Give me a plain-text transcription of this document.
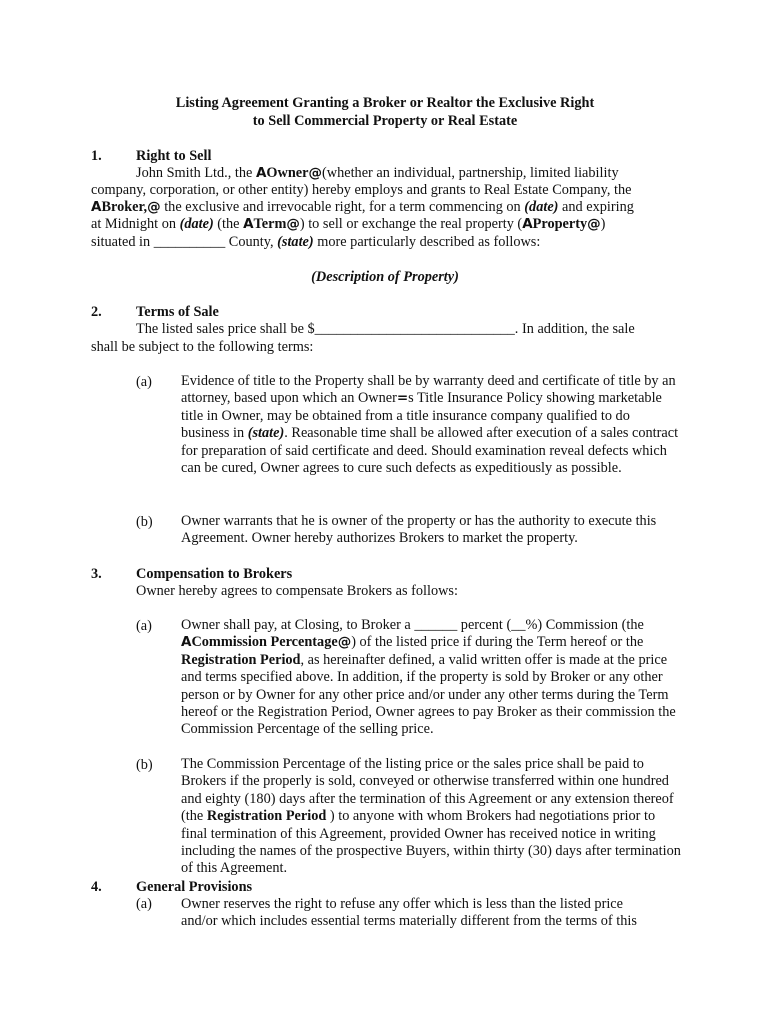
Listing Agreement Granting a Broker or Realtor the Exclusive Right
to Sell Commercial Property or Real Estate
1. Right to Sell
John Smith Ltd., the AOwner@(whether an individual, partnership, limited liability
company, corporation, or other entity) hereby employs and grants to Real Estate Company, the
ABroker,@ the exclusive and irrevocable right, for a term commencing on (date) and expiring
at Midnight on (date) (the ATerm@) to sell or exchange the real property (AProperty@)
situated in __________ County, (state) more particularly described as follows:
(Description of Property)
2. Terms of Sale
The listed sales price shall be $____________________________. In addition, the sale
shall be subject to the following terms:
(a) Evidence of title to the Property shall be by warranty deed and certificate of title by an attorney, based upon which an Owner=s Title Insurance Policy showing marketable title in Owner, may be obtained from a title insurance company qualified to do business in (state). Reasonable time shall be allowed after execution of a sales contract for preparation of said certificate and deed. Should examination reveal defects which can be cured, Owner agrees to cure such defects as expeditiously as possible.
(b) Owner warrants that he is owner of the property or has the authority to execute this Agreement. Owner hereby authorizes Brokers to market the property.
3. Compensation to Brokers
Owner hereby agrees to compensate Brokers as follows:
(a) Owner shall pay, at Closing, to Broker a ______ percent (__%) Commission (the ACommission Percentage@) of the listed price if during the Term hereof or the Registration Period, as hereinafter defined, a valid written offer is made at the price and terms specified above. In addition, if the property is sold by Broker or any other person or by Owner for any other price and/or under any other terms during the Term hereof or the Registration Period, Owner agrees to pay Broker as their commission the Commission Percentage of the selling price.
(b) The Commission Percentage of the listing price or the sales price shall be paid to Brokers if the properly is sold, conveyed or otherwise transferred within one hundred and eighty (180) days after the termination of this Agreement or any extension thereof (the Registration Period ) to anyone with whom Brokers had negotiations prior to final termination of this Agreement, provided Owner has received notice in writing including the names of the prospective Buyers, within thirty (30) days after termination of this Agreement.
4. General Provisions
(a) Owner reserves the right to refuse any offer which is less than the listed price
and/or which includes essential terms materially different from the terms of this
